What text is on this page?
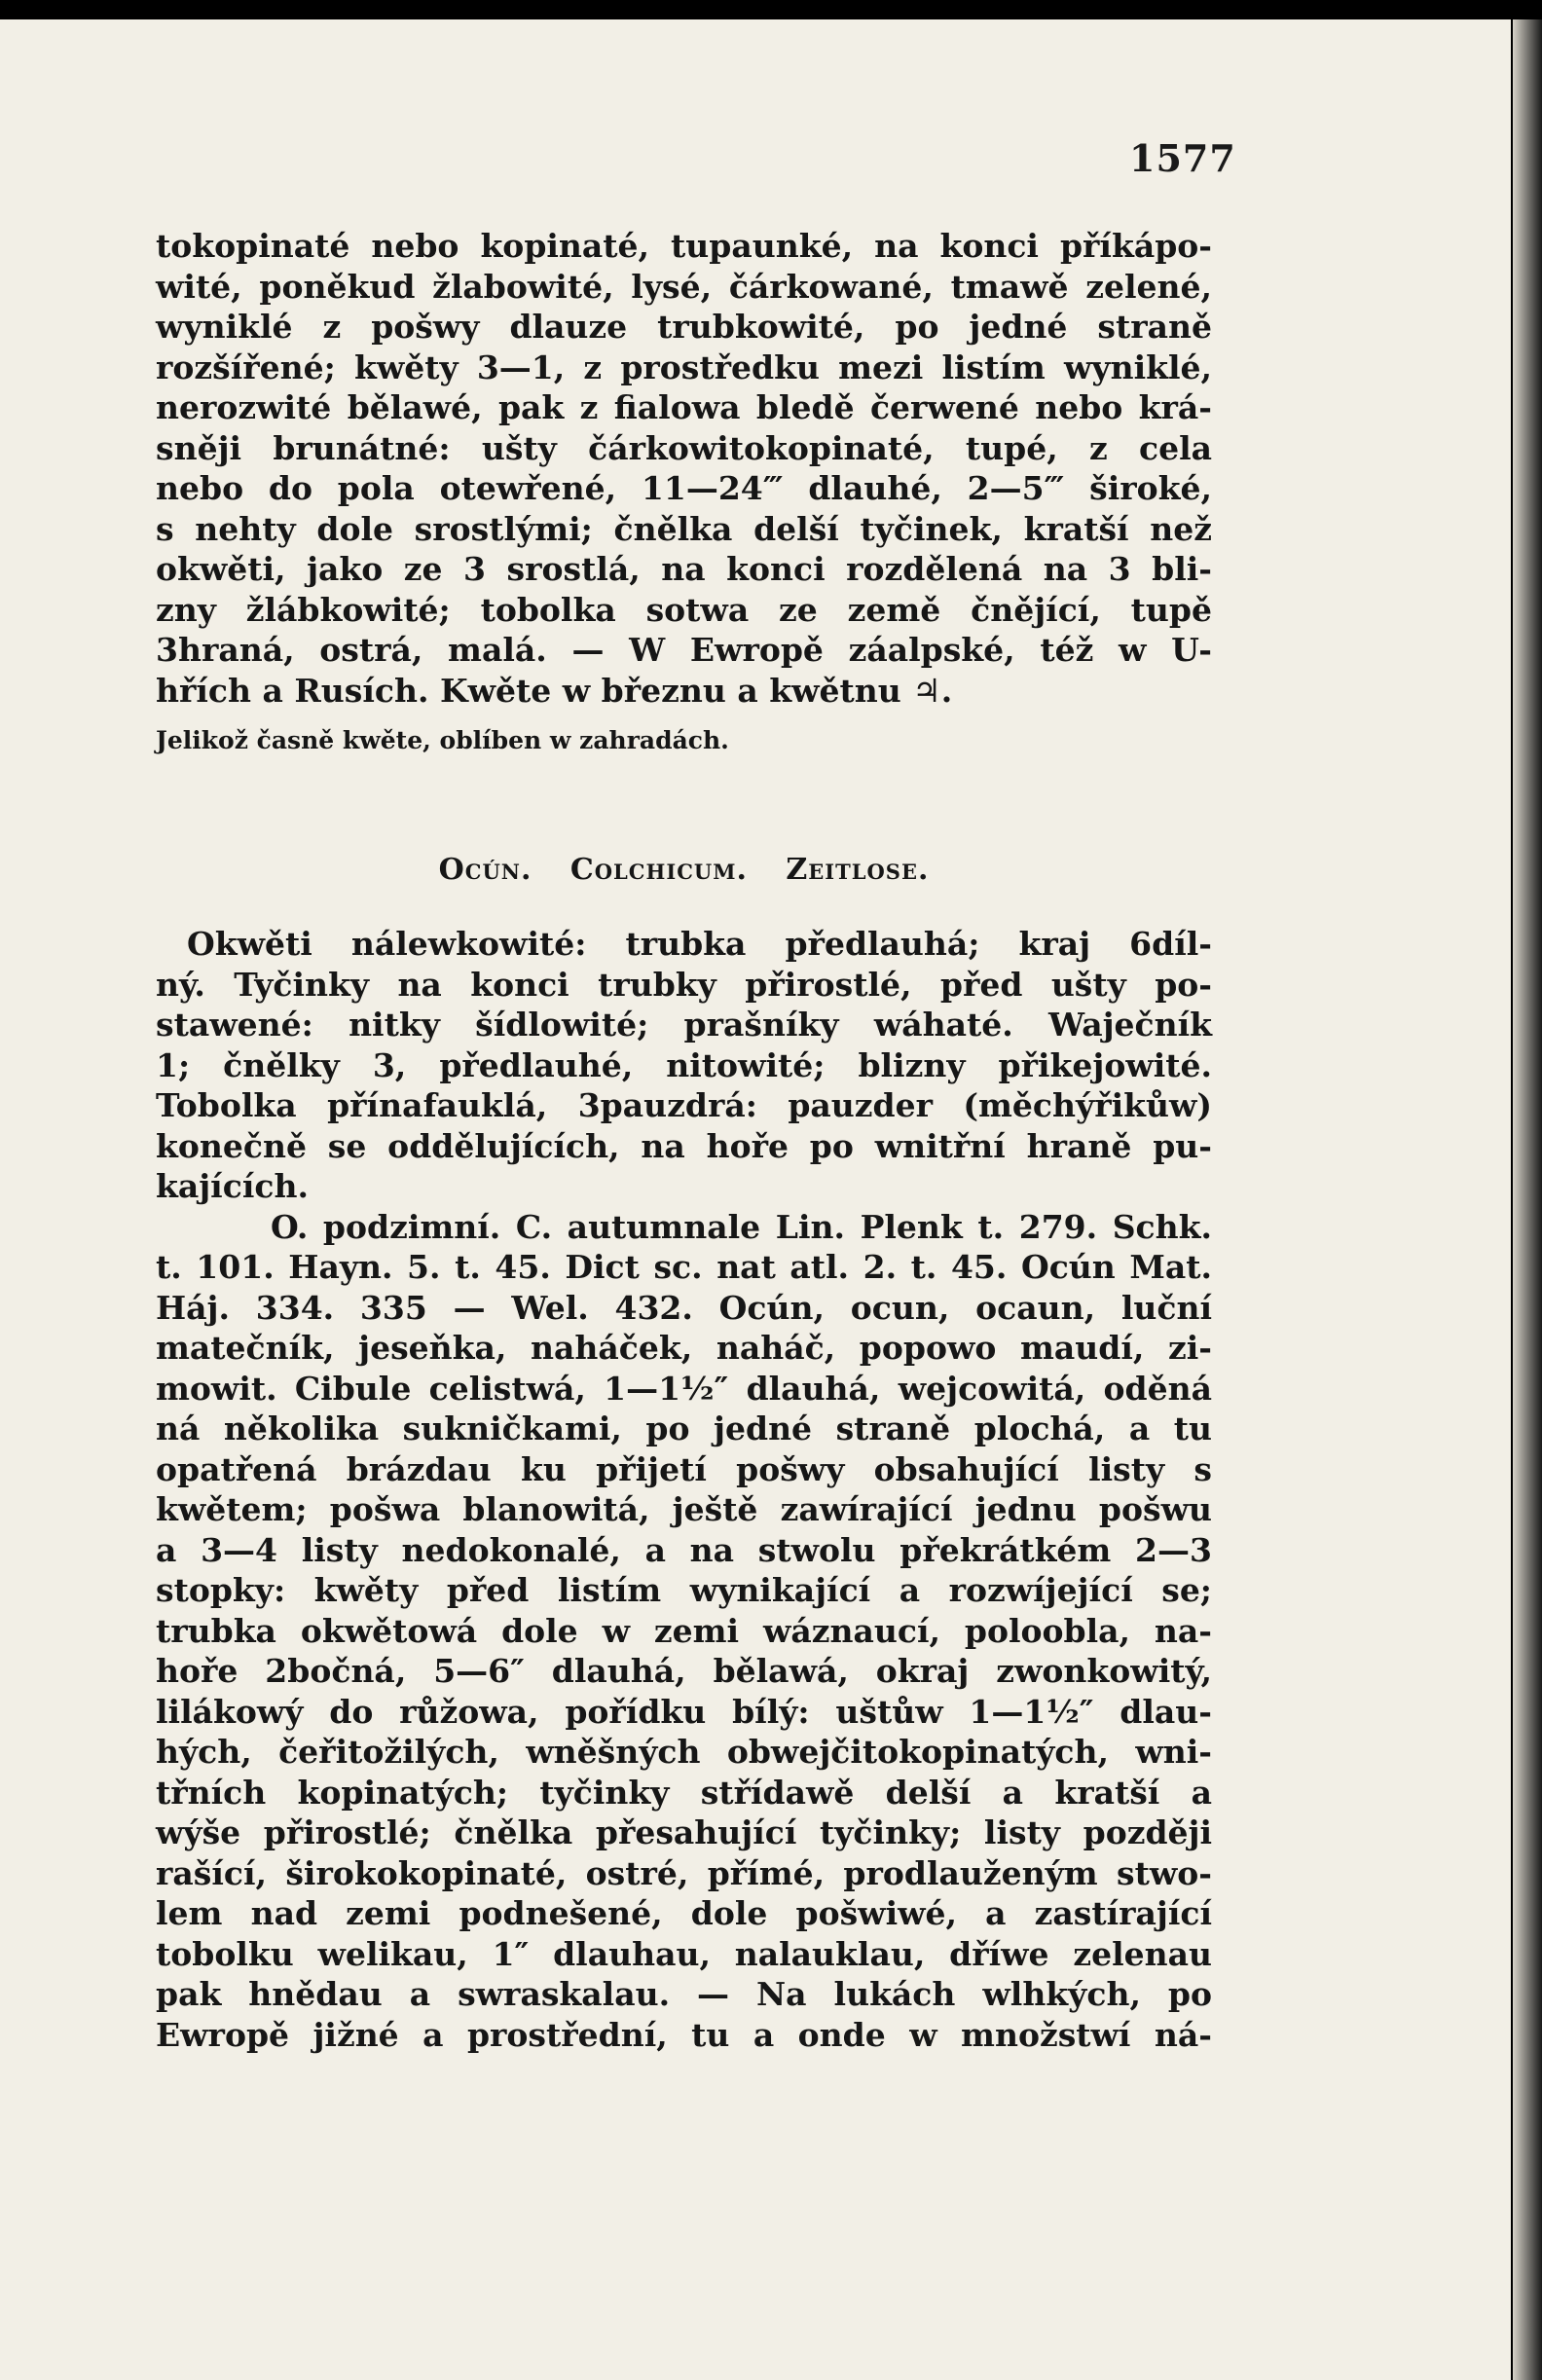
1577

tokopinaté nebo kopinaté, tupaunké, na konci příkápo-

wité, poněkud žlabowité, lysé, čárkowané, tmawě zelené,

wyniklé z pošwy dlauze trubkowité, po jedné straně

rozšířené; kwěty 3—1, z prostředku mezi listím wyniklé,

nerozwité bělawé, pak z fialowa bledě čerwené nebo krá-

sněji brunátné: ušty čárkowitokopinaté, tupé, z cela

nebo do pola otewřené, 11—24‴ dlauhé, 2—5‴ široké,

s nehty dole srostlými; čnělka delší tyčinek, kratší než

okwěti, jako ze 3 srostlá, na konci rozdělená na 3 bli-

zny žlábkowité; tobolka sotwa ze země čnějící, tupě

3hraná, ostrá, malá. — W Ewropě záalpské, též w U-

hřích a Rusích. Kwěte w březnu a kwětnu ♃.

Jelikož časně kwěte, oblíben w zahradách.

Ocún. Colchicum. Zeitlose.

Okwěti nálewkowité: trubka předlauhá; kraj 6díl-

ný. Tyčinky na konci trubky přirostlé, před ušty po-

stawené: nitky šídlowité; prašníky wáhaté. Waječník

1; čnělky 3, předlauhé, nitowité; blizny přikejowité.

Tobolka přínafauklá, 3pauzdrá: pauzder (měchýřikůw)

konečně se oddělujících, na hoře po wnitřní hraně pu-

kajících.

O. podzimní. C. autumnale Lin. Plenk t. 279. Schk.

t. 101. Hayn. 5. t. 45. Dict sc. nat atl. 2. t. 45. Ocún Mat.

Háj. 334. 335 — Wel. 432. Ocún, ocun, ocaun, luční

matečník, jeseňka, naháček, naháč, popowo maudí, zi-

mowit. Cibule celistwá, 1—1½″ dlauhá, wejcowitá, oděná

ná několika sukničkami, po jedné straně plochá, a tu

opatřená brázdau ku přijetí pošwy obsahující listy s

kwětem; pošwa blanowitá, ještě zawírající jednu pošwu

a 3—4 listy nedokonalé, a na stwolu překrátkém 2—3

stopky: kwěty před listím wynikající a rozwíjející se;

trubka okwětowá dole w zemi wáznaucí, poloobla, na-

hoře 2bočná, 5—6″ dlauhá, bělawá, okraj zwonkowitý,

lilákowý do růžowa, pořídku bílý: uštůw 1—1½″ dlau-

hých, čeřitožilých, wněšných obwejčitokopinatých, wni-

třních kopinatých; tyčinky střídawě delší a kratší a

wýše přirostlé; čnělka přesahující tyčinky; listy později

rašící, širokokopinaté, ostré, přímé, prodlauženým stwo-

lem nad zemi podnešené, dole pošwiwé, a zastírající

tobolku welikau, 1″ dlauhau, nalauklau, dříwe zelenau

pak hnědau a swraskalau. — Na lukách wlhkých, po

Ewropě jižné a prostřední, tu a onde w množstwí ná-
